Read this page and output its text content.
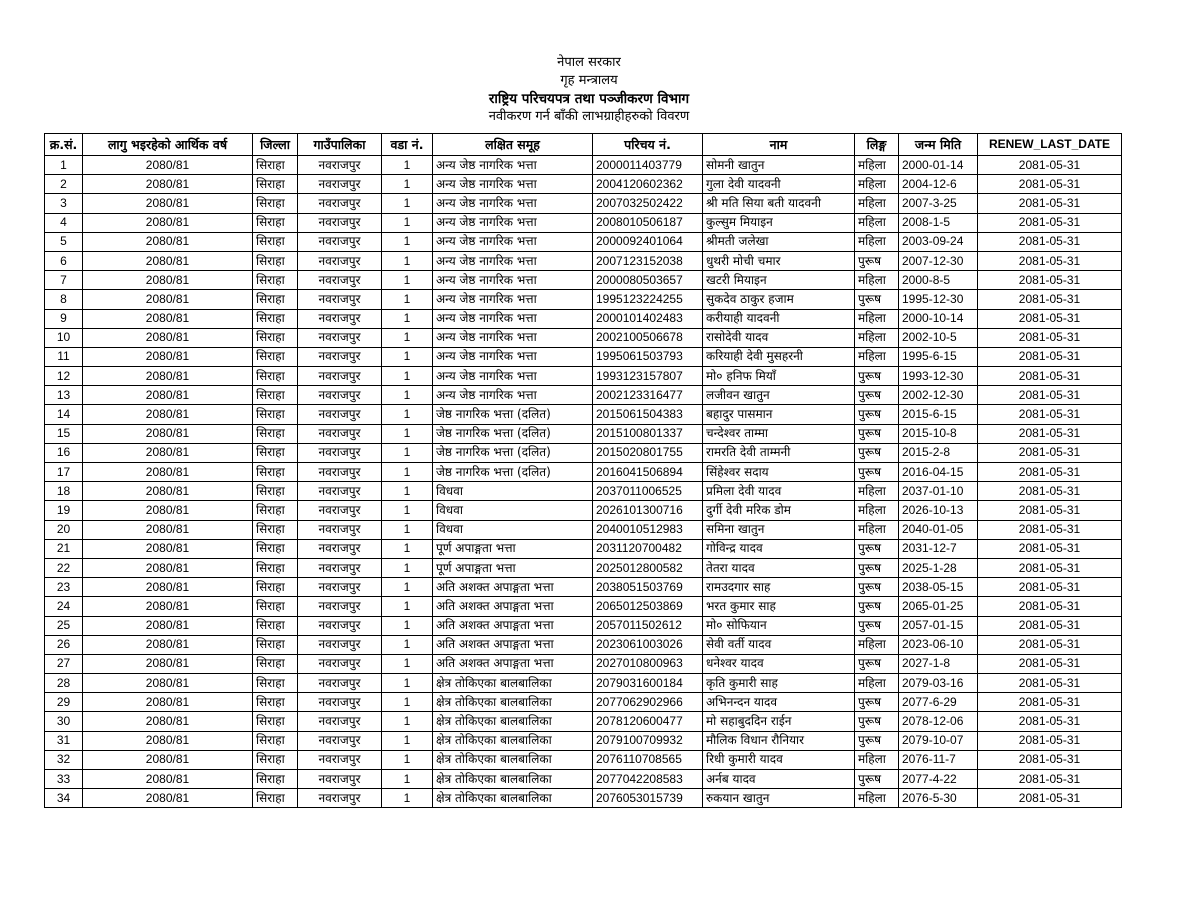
नेपाल सरकार
गृह मन्त्रालय
राष्ट्रिय परिचयपत्र तथा पञ्जीकरण विभाग
नवीकरण गर्न बाँकी लाभग्राहीहरुको विवरण
क्र.सं.	लागु भइरहेको आर्थिक वर्ष	जिल्ला	गाउँपालिका	वडा नं.	लक्षित समूह	परिचय नं.	नाम	लिङ्ग	जन्म मिति	RENEW_LAST_DATE
1	2080/81	सिराहा	नवराजपुर	1	अन्य जेष्ठ नागरिक भत्ता	2000011403779	सोमनी खातुन	महिला	2000-01-14	2081-05-31
2	2080/81	सिराहा	नवराजपुर	1	अन्य जेष्ठ नागरिक भत्ता	2004120602362	गुला देवी यादवनी	महिला	2004-12-6	2081-05-31
3	2080/81	सिराहा	नवराजपुर	1	अन्य जेष्ठ नागरिक भत्ता	2007032502422	श्री मति सिया बती यादवनी	महिला	2007-3-25	2081-05-31
4	2080/81	सिराहा	नवराजपुर	1	अन्य जेष्ठ नागरिक भत्ता	2008010506187	कुल्सुम मियाइन	महिला	2008-1-5	2081-05-31
5	2080/81	सिराहा	नवराजपुर	1	अन्य जेष्ठ नागरिक भत्ता	2000092401064	श्रीमती जलेखा	महिला	2003-09-24	2081-05-31
6	2080/81	सिराहा	नवराजपुर	1	अन्य जेष्ठ नागरिक भत्ता	2007123152038	धुथरी मोची चमार	पुरूष	2007-12-30	2081-05-31
7	2080/81	सिराहा	नवराजपुर	1	अन्य जेष्ठ नागरिक भत्ता	2000080503657	खटरी मियाइन	महिला	2000-8-5	2081-05-31
8	2080/81	सिराहा	नवराजपुर	1	अन्य जेष्ठ नागरिक भत्ता	1995123224255	सुकदेव ठाकुर हजाम	पुरूष	1995-12-30	2081-05-31
9	2080/81	सिराहा	नवराजपुर	1	अन्य जेष्ठ नागरिक भत्ता	2000101402483	करीयाही यादवनी	महिला	2000-10-14	2081-05-31
10	2080/81	सिराहा	नवराजपुर	1	अन्य जेष्ठ नागरिक भत्ता	2002100506678	रासोदेवी यादव	महिला	2002-10-5	2081-05-31
11	2080/81	सिराहा	नवराजपुर	1	अन्य जेष्ठ नागरिक भत्ता	1995061503793	करियाही देवी मुसहरनी	महिला	1995-6-15	2081-05-31
12	2080/81	सिराहा	नवराजपुर	1	अन्य जेष्ठ नागरिक भत्ता	1993123157807	मो० हनिफ मियाँ	पुरूष	1993-12-30	2081-05-31
13	2080/81	सिराहा	नवराजपुर	1	अन्य जेष्ठ नागरिक भत्ता	2002123316477	लजीवन खातुन	पुरूष	2002-12-30	2081-05-31
14	2080/81	सिराहा	नवराजपुर	1	जेष्ठ नागरिक भत्ता (दलित)	2015061504383	बहादुर पासमान	पुरूष	2015-6-15	2081-05-31
15	2080/81	सिराहा	नवराजपुर	1	जेष्ठ नागरिक भत्ता (दलित)	2015100801337	चन्देश्वर ताम्मा	पुरूष	2015-10-8	2081-05-31
16	2080/81	सिराहा	नवराजपुर	1	जेष्ठ नागरिक भत्ता (दलित)	2015020801755	रामरति देवी ताम्मनी	पुरूष	2015-2-8	2081-05-31
17	2080/81	सिराहा	नवराजपुर	1	जेष्ठ नागरिक भत्ता (दलित)	2016041506894	सिंहेश्वर सदाय	पुरूष	2016-04-15	2081-05-31
18	2080/81	सिराहा	नवराजपुर	1	विधवा	2037011006525	प्रमिला देवी यादव	महिला	2037-01-10	2081-05-31
19	2080/81	सिराहा	नवराजपुर	1	विधवा	2026101300716	दुर्गी देवी मरिक डोम	महिला	2026-10-13	2081-05-31
20	2080/81	सिराहा	नवराजपुर	1	विधवा	2040010512983	समिना खातुन	महिला	2040-01-05	2081-05-31
21	2080/81	सिराहा	नवराजपुर	1	पूर्ण अपाङ्गता भत्ता	2031120700482	गोविन्द्र यादव	पुरूष	2031-12-7	2081-05-31
22	2080/81	सिराहा	नवराजपुर	1	पूर्ण अपाङ्गता भत्ता	2025012800582	तेतरा यादव	पुरूष	2025-1-28	2081-05-31
23	2080/81	सिराहा	नवराजपुर	1	अति अशक्त अपाङ्गता भत्ता	2038051503769	रामउदगार साह	पुरूष	2038-05-15	2081-05-31
24	2080/81	सिराहा	नवराजपुर	1	अति अशक्त अपाङ्गता भत्ता	2065012503869	भरत कुमार साह	पुरूष	2065-01-25	2081-05-31
25	2080/81	सिराहा	नवराजपुर	1	अति अशक्त अपाङ्गता भत्ता	2057011502612	मो० सोफियान	पुरूष	2057-01-15	2081-05-31
26	2080/81	सिराहा	नवराजपुर	1	अति अशक्त अपाङ्गता भत्ता	2023061003026	सेवी वर्ती यादव	महिला	2023-06-10	2081-05-31
27	2080/81	सिराहा	नवराजपुर	1	अति अशक्त अपाङ्गता भत्ता	2027010800963	धनेश्वर यादव	पुरूष	2027-1-8	2081-05-31
28	2080/81	सिराहा	नवराजपुर	1	क्षेत्र तोकिएका बालबालिका	2079031600184	कृति कुमारी साह	महिला	2079-03-16	2081-05-31
29	2080/81	सिराहा	नवराजपुर	1	क्षेत्र तोकिएका बालबालिका	2077062902966	अभिनन्दन यादव	पुरूष	2077-6-29	2081-05-31
30	2080/81	सिराहा	नवराजपुर	1	क्षेत्र तोकिएका बालबालिका	2078120600477	मो सहाबुददिन राईन	पुरूष	2078-12-06	2081-05-31
31	2080/81	सिराहा	नवराजपुर	1	क्षेत्र तोकिएका बालबालिका	2079100709932	मौलिक विधान रौनियार	पुरूष	2079-10-07	2081-05-31
32	2080/81	सिराहा	नवराजपुर	1	क्षेत्र तोकिएका बालबालिका	2076110708565	रिधी कुमारी यादव	महिला	2076-11-7	2081-05-31
33	2080/81	सिराहा	नवराजपुर	1	क्षेत्र तोकिएका बालबालिका	2077042208583	अर्नब यादव	पुरूष	2077-4-22	2081-05-31
34	2080/81	सिराहा	नवराजपुर	1	क्षेत्र तोकिएका बालबालिका	2076053015739	रुकयान खातुन	महिला	2076-5-30	2081-05-31
